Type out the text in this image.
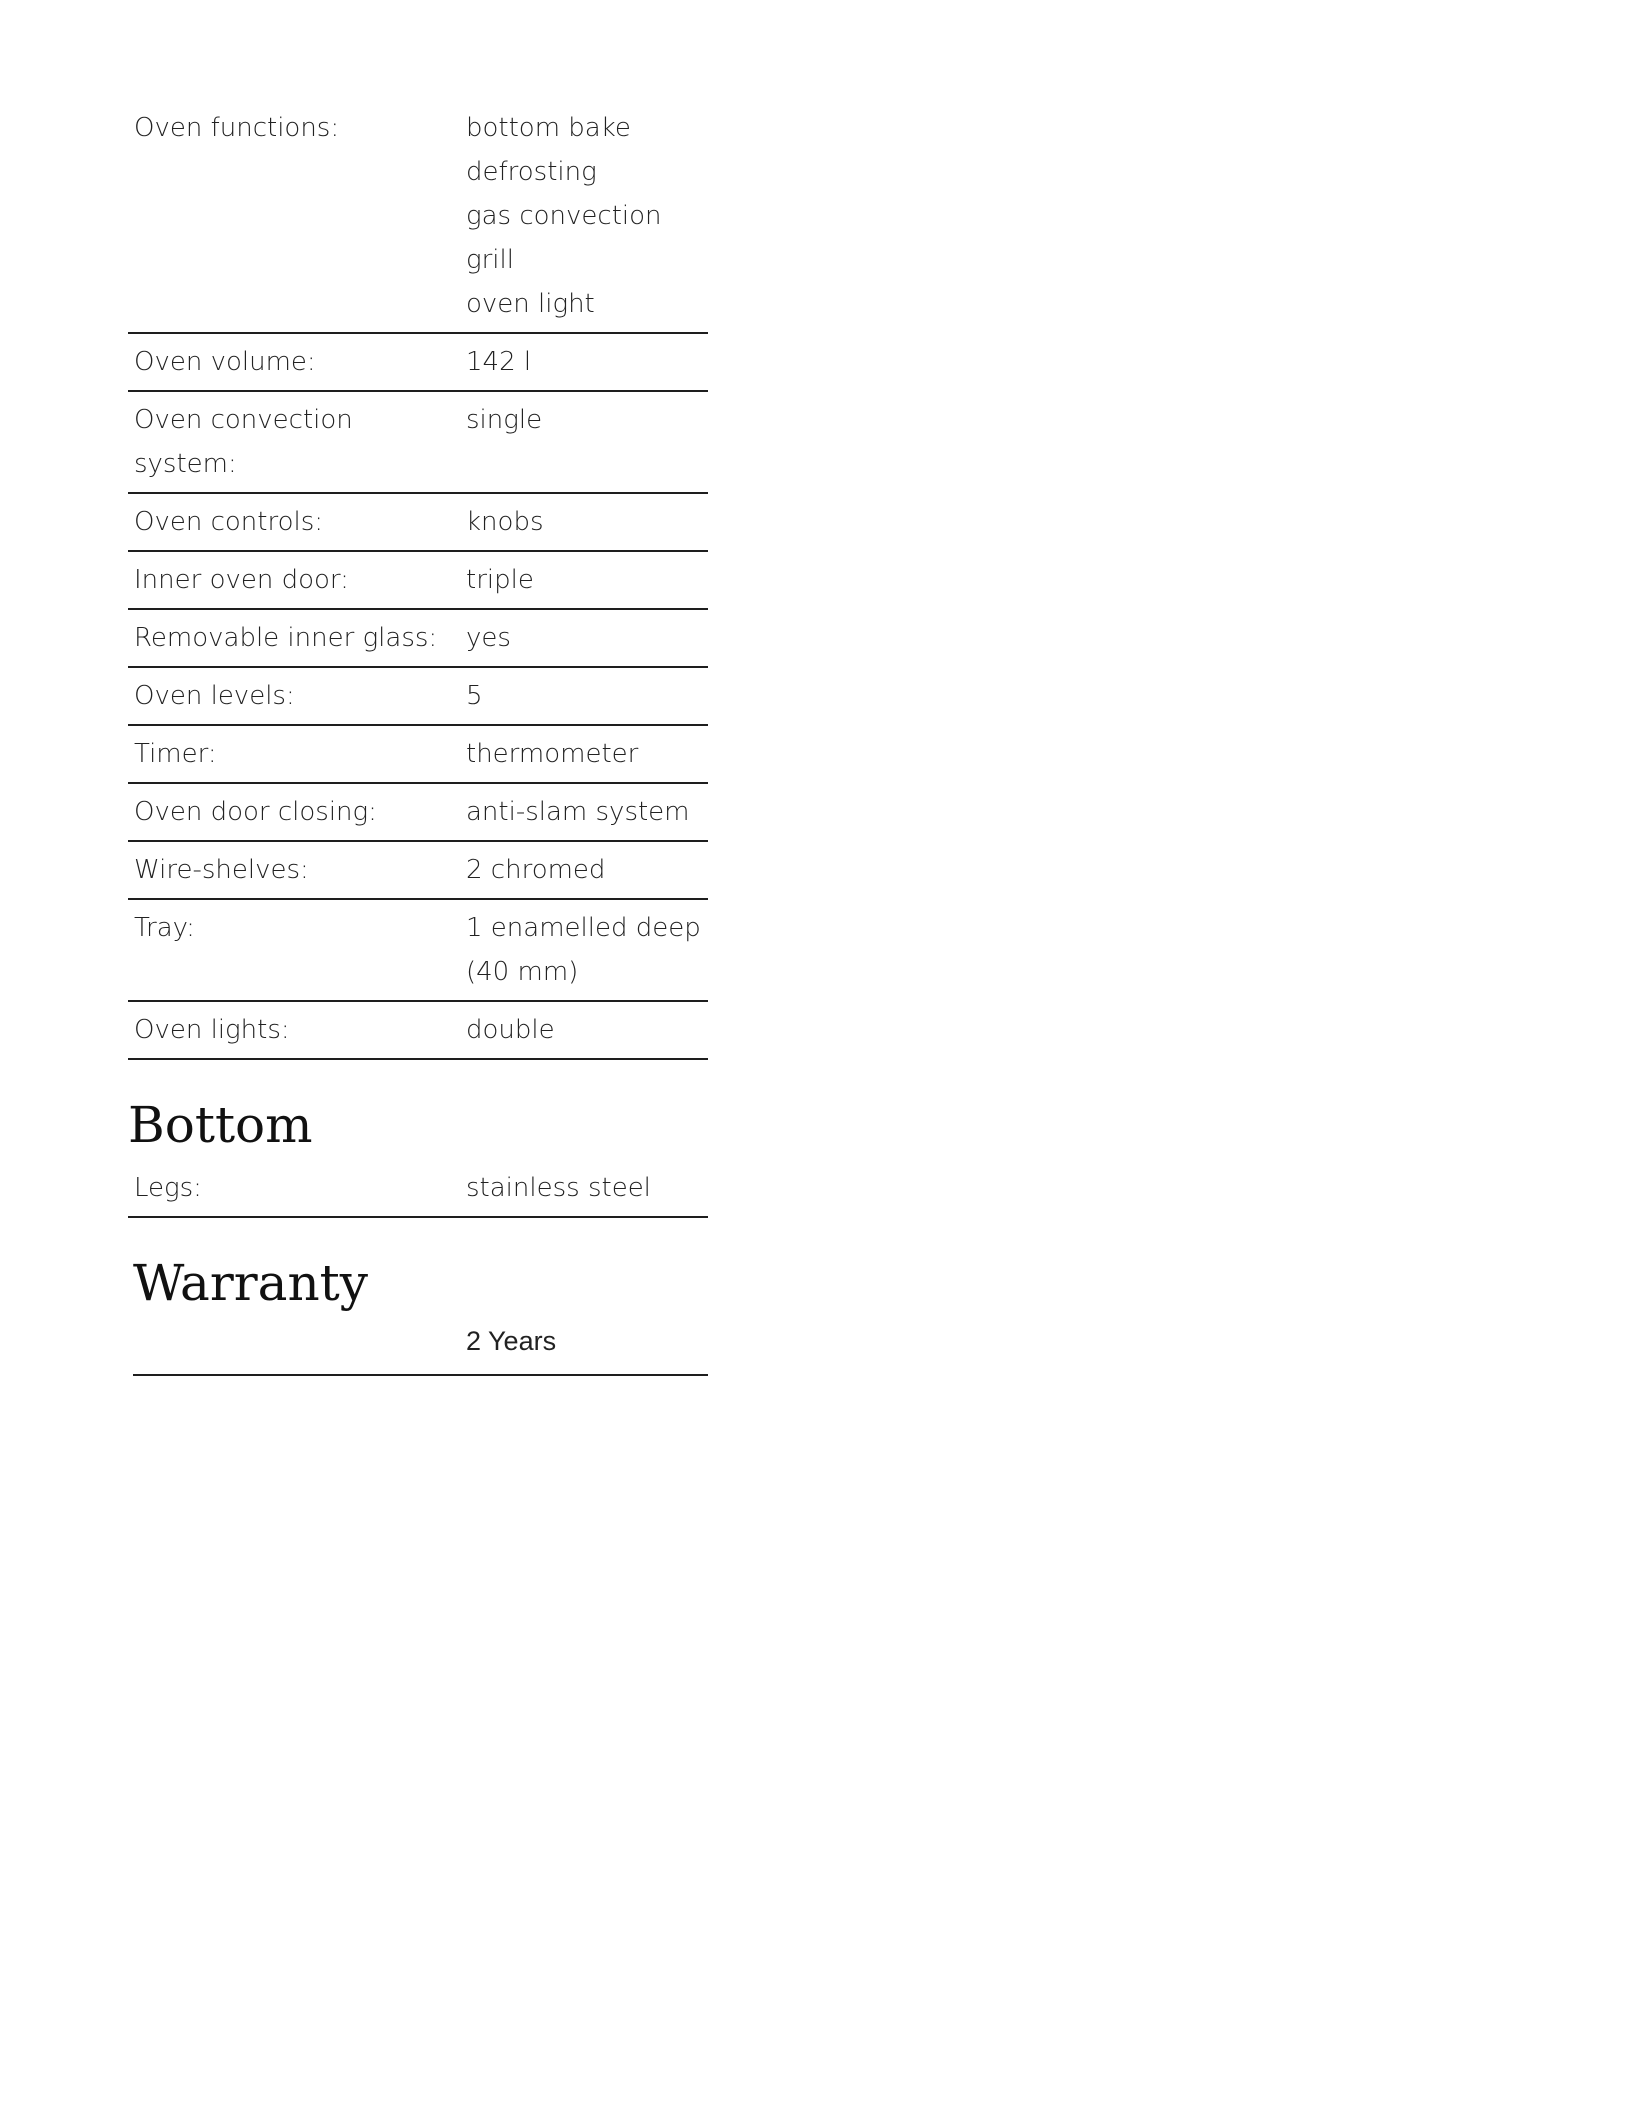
Oven functions:	bottom bake
defrosting
gas convection
grill
oven light

Oven volume:	142 l

Oven convection system:	single

Oven controls:	knobs

Inner oven door:	triple

Removable inner glass:	yes

Oven levels:	5

Timer:	thermometer

Oven door closing:	anti-slam system

Wire-shelves:	2 chromed

Tray:	1 enamelled deep
(40 mm)

Oven lights:	double
Bottom
Legs:	stainless steel
Warranty
2 Years
